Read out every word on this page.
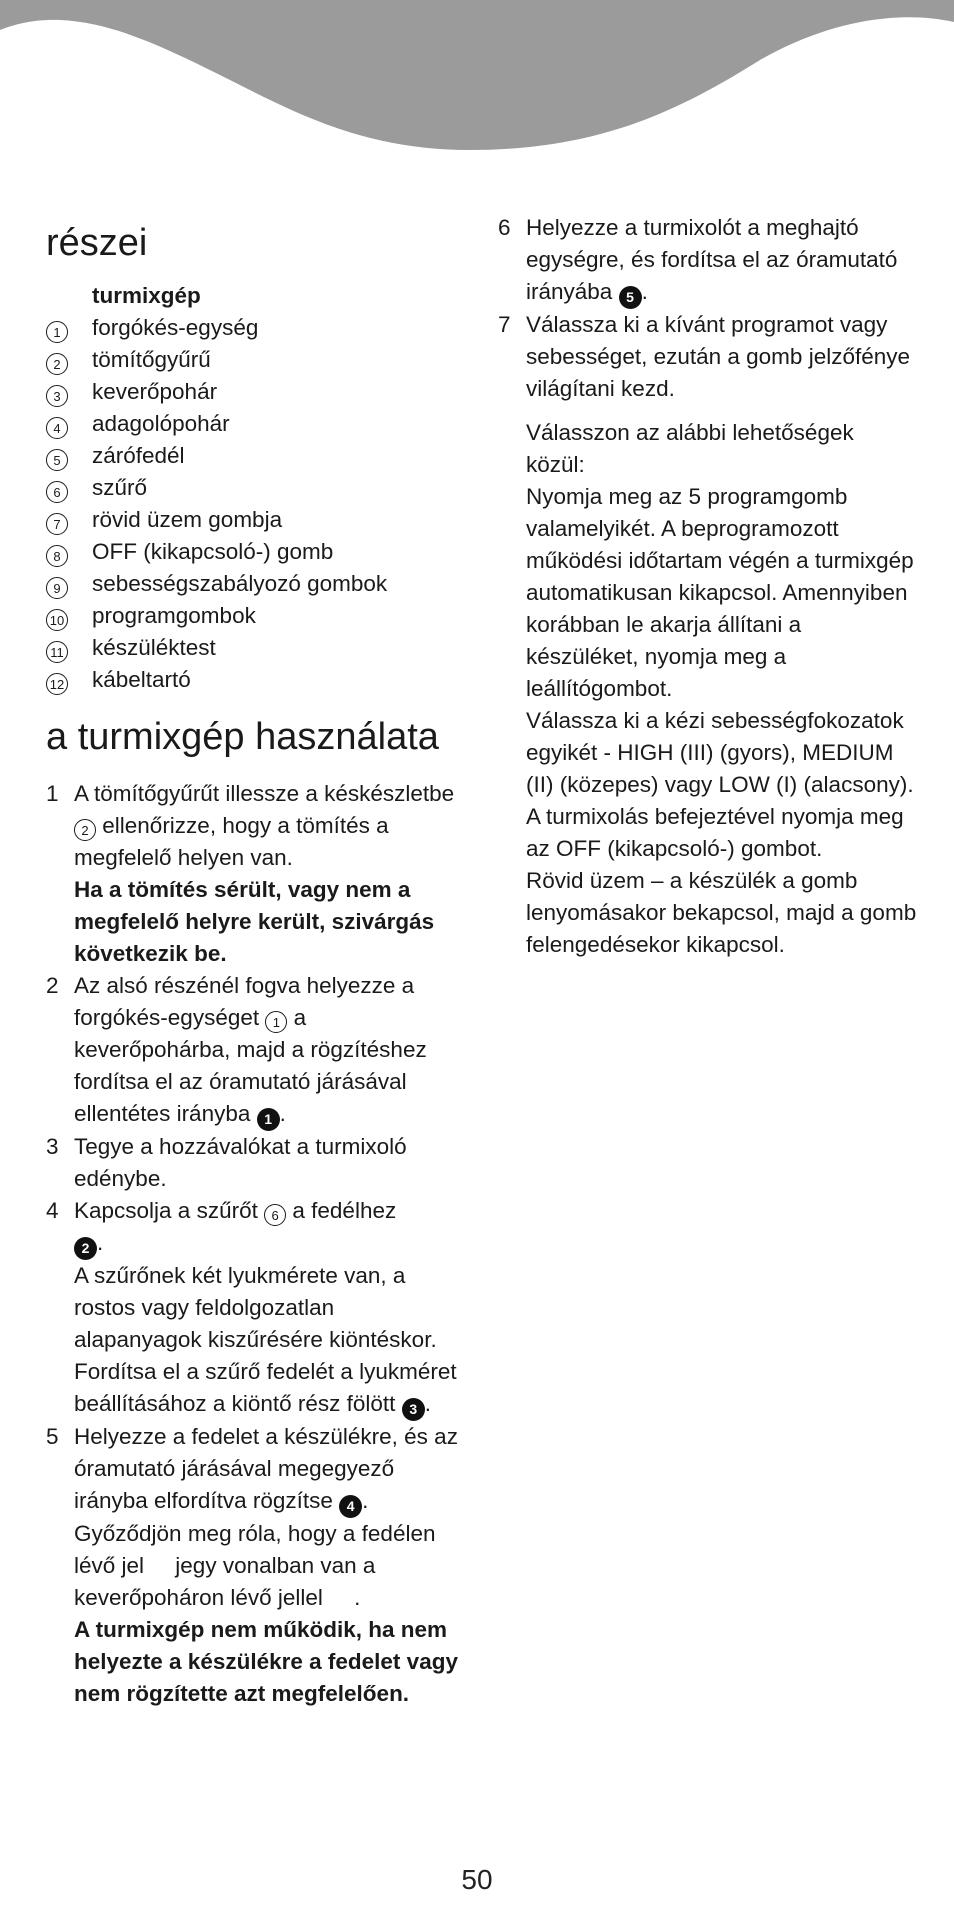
részei
turmixgép
1	forgókés-egység
2	tömítőgyűrű
3	keverőpohár
4	adagolópohár
5	zárófedél
6	szűrő
7	rövid üzem gombja
8	OFF (kikapcsoló-) gomb
9	sebességszabályozó gombok
10	programgombok
11	készüléktest
12	kábeltartó
a turmixgép használata
1 A tömítőgyűrűt illessze a késkészletbe 2 ellenőrizze, hogy a tömítés a megfelelő helyen van.
Ha a tömítés sérült, vagy nem a megfelelő helyre került, szivárgás következik be.
2 Az alsó részénél fogva helyezze a forgókés-egységet 1 a keverőpohárba, majd a rögzítéshez fordítsa el az óramutató járásával ellentétes irányba 1 .
3 Tegye a hozzávalókat a turmixoló edénybe.
4 Kapcsolja a szűrőt 6 a fedélhez
2 .
A szűrőnek két lyukmérete van, a rostos vagy feldolgozatlan alapanyagok kiszűrésére kiöntéskor.
Fordítsa el a szűrő fedelét a lyukméret beállításához a kiöntő rész fölött 3 .
5 Helyezze a fedelet a készülékre, és az óramutató járásával megegyező irányba elfordítva rögzítse 4 .
Győződjön meg róla, hogy a fedélen lévő jel     jegy vonalban van a keverőpoháron lévő jellel     .
A turmixgép nem működik, ha nem helyezte a készülékre a fedelet vagy nem rögzítette azt megfelelően.
6 Helyezze a turmixolót a meghajtó egységre, és fordítsa el az óramutató irányába 5 .
7 Válassza ki a kívánt programot vagy sebességet, ezután a gomb jelzőfénye világítani kezd.
Válasszon az alábbi lehetőségek közül:
Nyomja meg az 5 programgomb valamelyikét. A beprogramozott működési időtartam végén a turmixgép automatikusan kikapcsol. Amennyiben korábban le akarja állítani a készüléket, nyomja meg a leállítógombot.
Válassza ki a kézi sebességfokozatok egyikét - HIGH (III) (gyors), MEDIUM (II) (közepes) vagy LOW (I) (alacsony). A turmixolás befejeztével nyomja meg az OFF (kikapcsoló-) gombot.
Rövid üzem – a készülék a gomb lenyomásakor bekapcsol, majd a gomb felengedésekor kikapcsol.
50
